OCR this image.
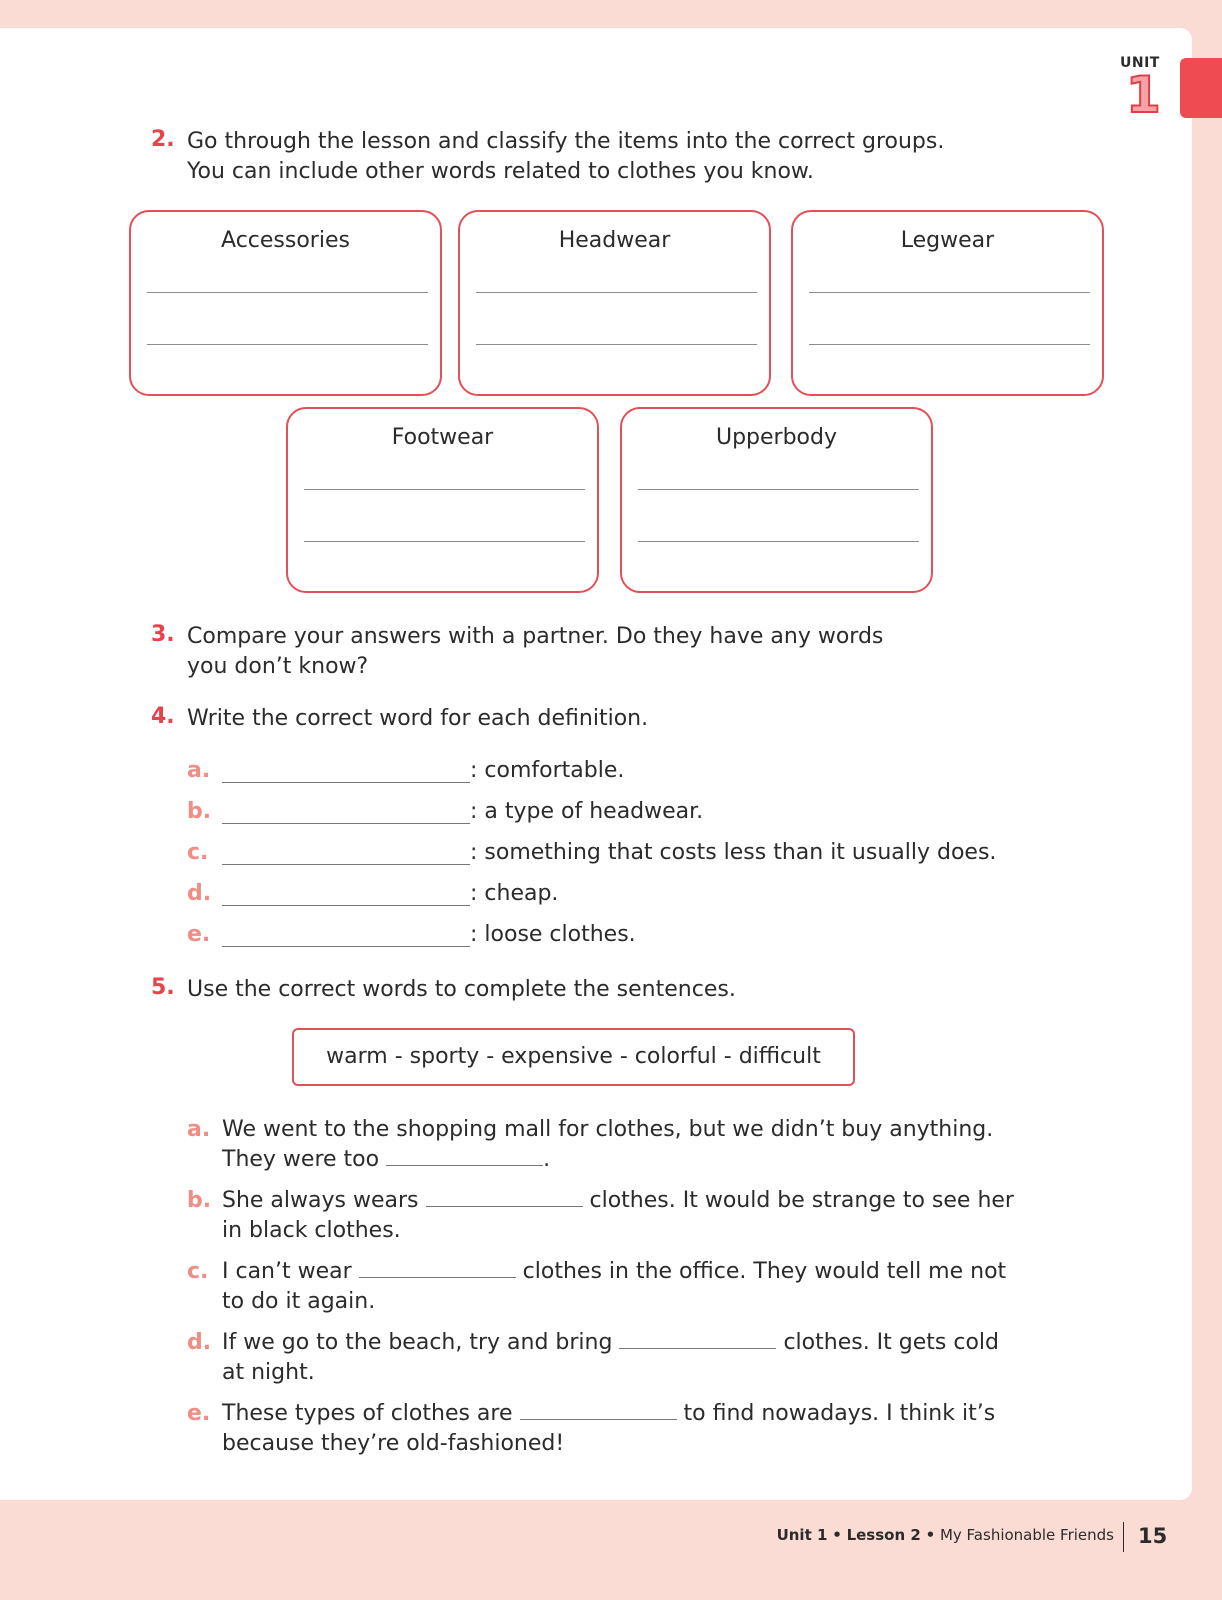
UNIT
1
2. Go through the lesson and classify the items into the correct groups.
You can include other words related to clothes you know.
Accessories	Headwear	Legwear
Footwear	Upperbody
3. Compare your answers with a partner. Do they have any words
you don’t know?
4. Write the correct word for each definition.
a.	: comfortable.
b.	: a type of headwear.
c.	: something that costs less than it usually does.
d.	: cheap.
e.	: loose clothes.
5. Use the correct words to complete the sentences.
warm - sporty - expensive - colorful - difficult
a. We went to the shopping mall for clothes, but we didn’t buy anything.
They were too	.
b. She always wears	clothes. It would be strange to see her
in black clothes.
c. I can’t wear	clothes in the office. They would tell me not
to do it again.
d. If we go to the beach, try and bring	clothes. It gets cold
at night.
e. These types of clothes are	to find nowadays. I think it’s
because they’re old-fashioned!
Unit 1 • Lesson 2 • My Fashionable Friends 15
